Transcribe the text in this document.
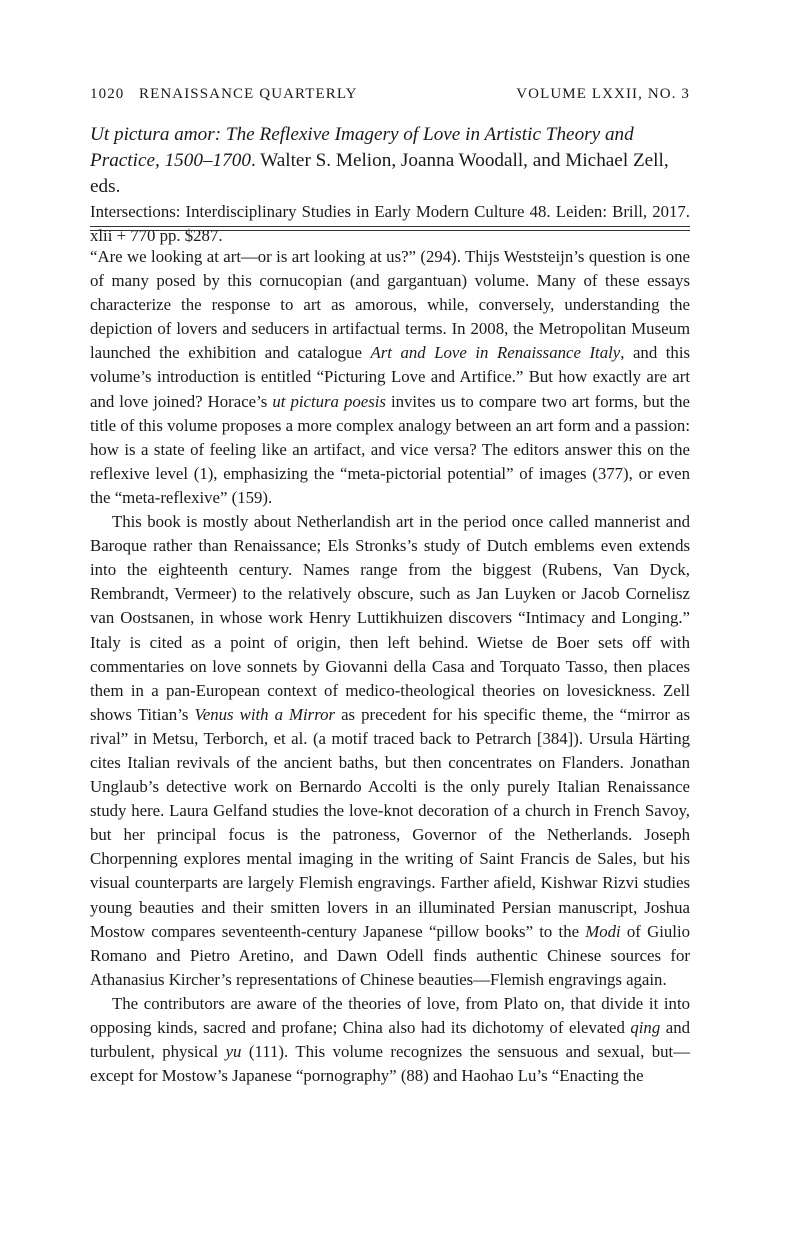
1020 RENAISSANCE QUARTERLY	VOLUME LXXII, NO. 3

Ut pictura amor: The Reflexive Imagery of Love in Artistic Theory and Practice, 1500–1700. Walter S. Melion, Joanna Woodall, and Michael Zell, eds.

Intersections: Interdisciplinary Studies in Early Modern Culture 48. Leiden: Brill, 2017. xlii + 770 pp. $287.

“Are we looking at art—or is art looking at us?” (294). Thijs Weststeijn’s question is one of many posed by this cornucopian (and gargantuan) volume. Many of these essays characterize the response to art as amorous, while, conversely, understanding the depiction of lovers and seducers in artifactual terms. In 2008, the Metropolitan Museum launched the exhibition and catalogue Art and Love in Renaissance Italy, and this volume’s introduction is entitled “Picturing Love and Artifice.” But how exactly are art and love joined? Horace’s ut pictura poesis invites us to compare two art forms, but the title of this volume proposes a more complex analogy between an art form and a passion: how is a state of feeling like an artifact, and vice versa? The editors answer this on the reflexive level (1), emphasizing the “meta-pictorial potential” of images (377), or even the “meta-reflexive” (159).

This book is mostly about Netherlandish art in the period once called mannerist and Baroque rather than Renaissance; Els Stronks’s study of Dutch emblems even extends into the eighteenth century. Names range from the biggest (Rubens, Van Dyck, Rembrandt, Vermeer) to the relatively obscure, such as Jan Luyken or Jacob Cornelisz van Oostsanen, in whose work Henry Luttikhuizen discovers “Intimacy and Longing.” Italy is cited as a point of origin, then left behind. Wietse de Boer sets off with commentaries on love sonnets by Giovanni della Casa and Torquato Tasso, then places them in a pan-European context of medico-theological theories on lovesickness. Zell shows Titian’s Venus with a Mirror as precedent for his specific theme, the “mirror as rival” in Metsu, Terborch, et al. (a motif traced back to Petrarch [384]). Ursula Härting cites Italian revivals of the ancient baths, but then concentrates on Flanders. Jonathan Unglaub’s detective work on Bernardo Accolti is the only purely Italian Renaissance study here. Laura Gelfand studies the love-knot decoration of a church in French Savoy, but her principal focus is the patroness, Governor of the Netherlands. Joseph Chorpenning explores mental imaging in the writing of Saint Francis de Sales, but his visual counterparts are largely Flemish engravings. Farther afield, Kishwar Rizvi studies young beauties and their smitten lovers in an illuminated Persian manuscript, Joshua Mostow compares seventeenth-century Japanese “pillow books” to the Modi of Giulio Romano and Pietro Aretino, and Dawn Odell finds authentic Chinese sources for Athanasius Kircher’s representations of Chinese beauties—Flemish engravings again.

The contributors are aware of the theories of love, from Plato on, that divide it into opposing kinds, sacred and profane; China also had its dichotomy of elevated qing and turbulent, physical yu (111). This volume recognizes the sensuous and sexual, but—except for Mostow’s Japanese “pornography” (88) and Haohao Lu’s “Enacting the
